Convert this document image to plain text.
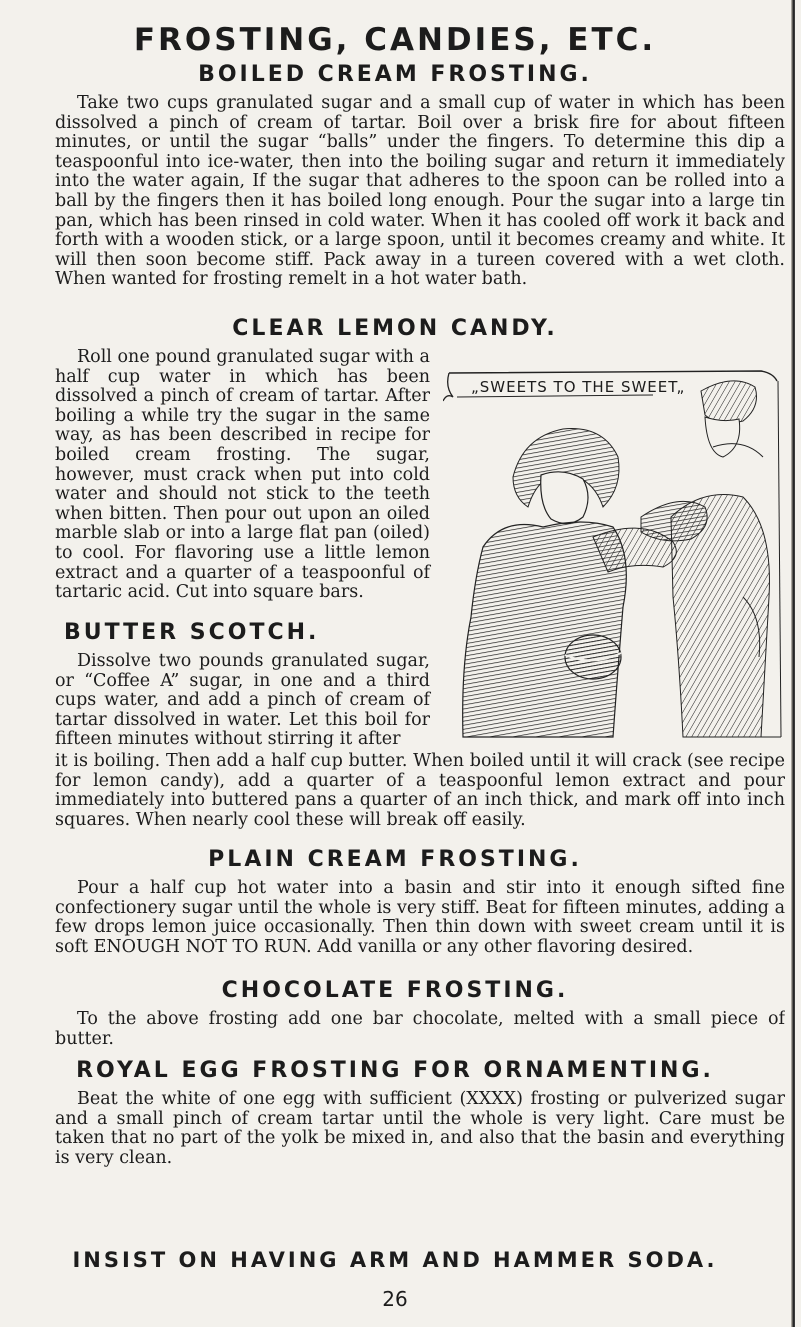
FROSTING, CANDIES, ETC.
BOILED CREAM FROSTING.

Take two cups granulated sugar and a small cup of water in which has been dissolved a pinch of cream of tartar. Boil over a brisk fire for about fifteen minutes, or until the sugar “balls” under the fingers. To determine this dip a teaspoonful into ice-water, then into the boiling sugar and return it immediately into the water again, If the sugar that adheres to the spoon can be rolled into a ball by the fingers then it has boiled long enough. Pour the sugar into a large tin pan, which has been rinsed in cold water. When it has cooled off work it back and forth with a wooden stick, or a large spoon, until it becomes creamy and white. It will then soon become stiff. Pack away in a tureen covered with a wet cloth. When wanted for frosting remelt in a hot water bath.

CLEAR LEMON CANDY.

Roll one pound granulated sugar with a half cup water in which has been dissolved a pinch of cream of tartar. After boiling a while try the sugar in the same way, as has been described in recipe for boiled cream frosting. The sugar, however, must crack when put into cold water and should not stick to the teeth when bitten. Then pour out upon an oiled marble slab or into a large flat pan (oiled) to cool. For flavoring use a little lemon extract and a quarter of a teaspoonful of tartaric acid. Cut into square bars.

BUTTER SCOTCH.

Dissolve two pounds granulated sugar, or “Coffee A” sugar, in one and a third cups water, and add a pinch of cream of tartar dissolved in water. Let this boil for fifteen minutes without stirring it after

it is boiling. Then add a half cup butter. When boiled until it will crack (see recipe for lemon candy), add a quarter of a teaspoonful lemon extract and pour immediately into buttered pans a quarter of an inch thick, and mark off into inch squares. When nearly cool these will break off easily.

„SWEETS TO THE SWEET„
PLAIN CREAM FROSTING.

Pour a half cup hot water into a basin and stir into it enough sifted fine confectionery sugar until the whole is very stiff. Beat for fifteen minutes, adding a few drops lemon juice occasionally. Then thin down with sweet cream until it is soft ENOUGH NOT TO RUN. Add vanilla or any other flavoring desired.

CHOCOLATE FROSTING.

To the above frosting add one bar chocolate, melted with a small piece of butter.

ROYAL EGG FROSTING FOR ORNAMENTING.

Beat the white of one egg with sufficient (XXXX) frosting or pulverized sugar and a small pinch of cream tartar until the whole is very light. Care must be taken that no part of the yolk be mixed in, and also that the basin and everything is very clean.

INSIST ON HAVING ARM AND HAMMER SODA.
26
